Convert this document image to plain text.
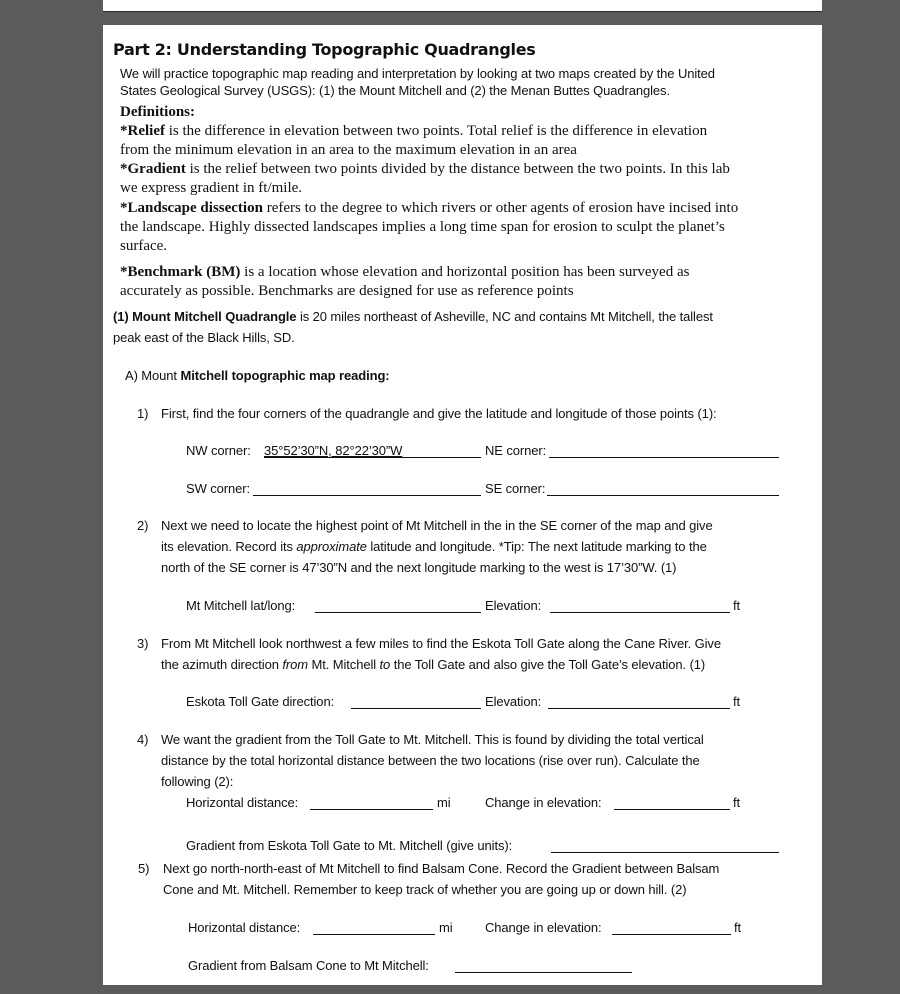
Part 2: Understanding Topographic Quadrangles
We will practice topographic map reading and interpretation by looking at two maps created by the United
States Geological Survey (USGS): (1) the Mount Mitchell and (2) the Menan Buttes Quadrangles.
Definitions:
*Relief is the difference in elevation between two points. Total relief is the difference in elevation
from the minimum elevation in an area to the maximum elevation in an area
*Gradient is the relief between two points divided by the distance between the two points. In this lab
we express gradient in ft/mile.
*Landscape dissection refers to the degree to which rivers or other agents of erosion have incised into
the landscape. Highly dissected landscapes implies a long time span for erosion to sculpt the planet’s
surface.
*Benchmark (BM) is a location whose elevation and horizontal position has been surveyed as
accurately as possible. Benchmarks are designed for use as reference points
(1) Mount Mitchell Quadrangle is 20 miles northeast of Asheville, NC and contains Mt Mitchell, the tallest
peak east of the Black Hills, SD.
A) Mount Mitchell topographic map reading:
1) First, find the four corners of the quadrangle and give the latitude and longitude of those points (1):
NW corner: 35°52’30”N, 82°22’30”W	NE corner:
SW corner:	SE corner:
2) Next we need to locate the highest point of Mt Mitchell in the in the SE corner of the map and give
its elevation. Record its approximate latitude and longitude. *Tip: The next latitude marking to the
north of the SE corner is 47’30”N and the next longitude marking to the west is 17’30”W. (1)
Mt Mitchell lat/long:	Elevation:	ft
3) From Mt Mitchell look northwest a few miles to find the Eskota Toll Gate along the Cane River. Give
the azimuth direction from Mt. Mitchell to the Toll Gate and also give the Toll Gate’s elevation. (1)
Eskota Toll Gate direction:	Elevation:	ft
4) We want the gradient from the Toll Gate to Mt. Mitchell. This is found by dividing the total vertical
distance by the total horizontal distance between the two locations (rise over run). Calculate the
following (2):
Horizontal distance:	mi	Change in elevation:	ft
Gradient from Eskota Toll Gate to Mt. Mitchell (give units):
5) Next go north-north-east of Mt Mitchell to find Balsam Cone. Record the Gradient between Balsam
Cone and Mt. Mitchell. Remember to keep track of whether you are going up or down hill. (2)
Horizontal distance:	mi Change in elevation:	ft
Gradient from Balsam Cone to Mt Mitchell:
